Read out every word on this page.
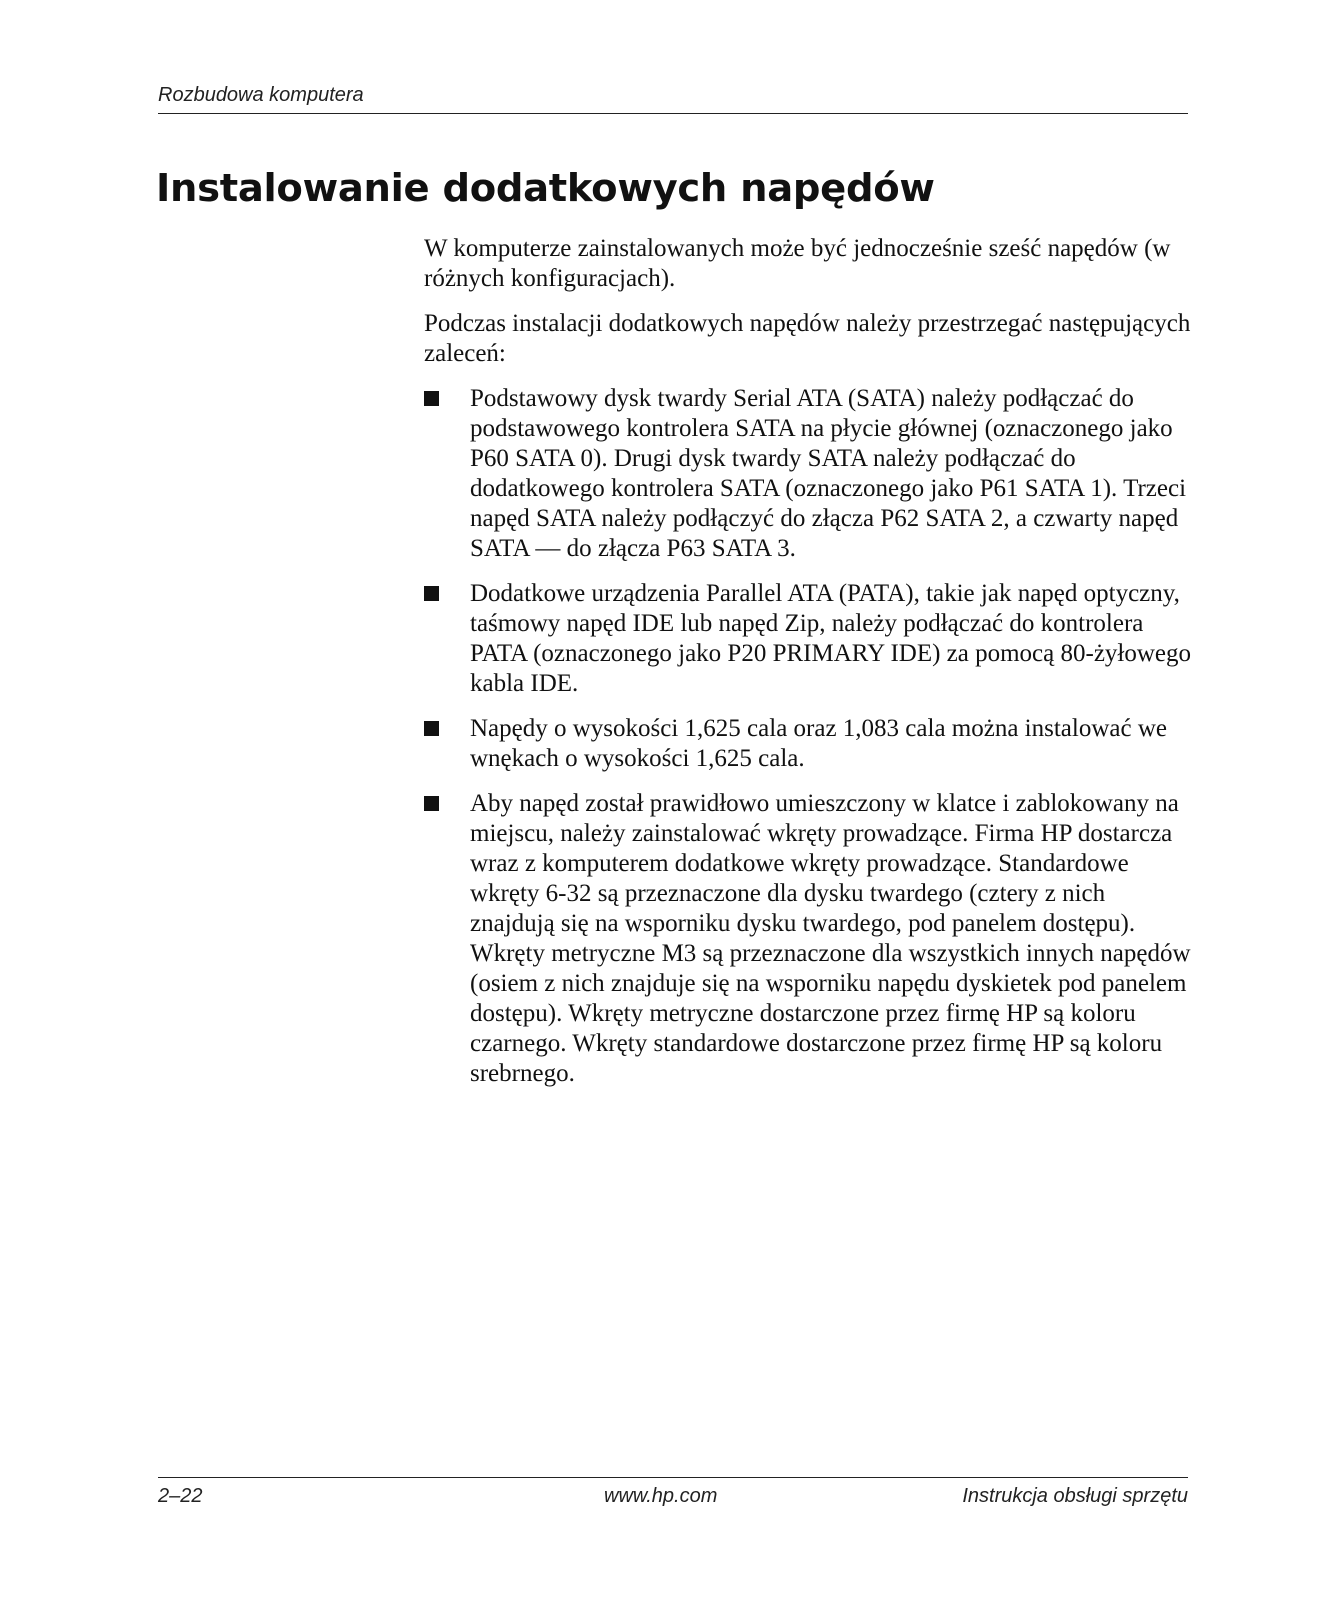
Rozbudowa komputera
Instalowanie dodatkowych napędów

W komputerze zainstalowanych może być jednocześnie sześć napędów (w różnych konfiguracjach).

Podczas instalacji dodatkowych napędów należy przestrzegać następujących zaleceń:

Podstawowy dysk twardy Serial ATA (SATA) należy podłączać do podstawowego kontrolera SATA na płycie głównej (oznaczonego jako P60 SATA 0). Drugi dysk twardy SATA należy podłączać do dodatkowego kontrolera SATA (oznaczonego jako P61 SATA 1). Trzeci napęd SATA należy podłączyć do złącza P62 SATA 2, a czwarty napęd SATA — do złącza P63 SATA 3.
Dodatkowe urządzenia Parallel ATA (PATA), takie jak napęd optyczny, taśmowy napęd IDE lub napęd Zip, należy podłączać do kontrolera PATA (oznaczonego jako P20 PRIMARY IDE) za pomocą 80-żyłowego kabla IDE.
Napędy o wysokości 1,625 cala oraz 1,083 cala można instalować we wnękach o wysokości 1,625 cala.
Aby napęd został prawidłowo umieszczony w klatce i zablokowany na miejscu, należy zainstalować wkręty prowadzące. Firma HP dostarcza wraz z komputerem dodatkowe wkręty prowadzące. Standardowe wkręty 6-32 są przeznaczone dla dysku twardego (cztery z nich znajdują się na wsporniku dysku twardego, pod panelem dostępu). Wkręty metryczne M3 są przeznaczone dla wszystkich innych napędów (osiem z nich znajduje się na wsporniku napędu dyskietek pod panelem dostępu). Wkręty metryczne dostarczone przez firmę HP są koloru czarnego. Wkręty standardowe dostarczone przez firmę HP są koloru srebrnego.
2–22	www.hp.com	Instrukcja obsługi sprzętu
